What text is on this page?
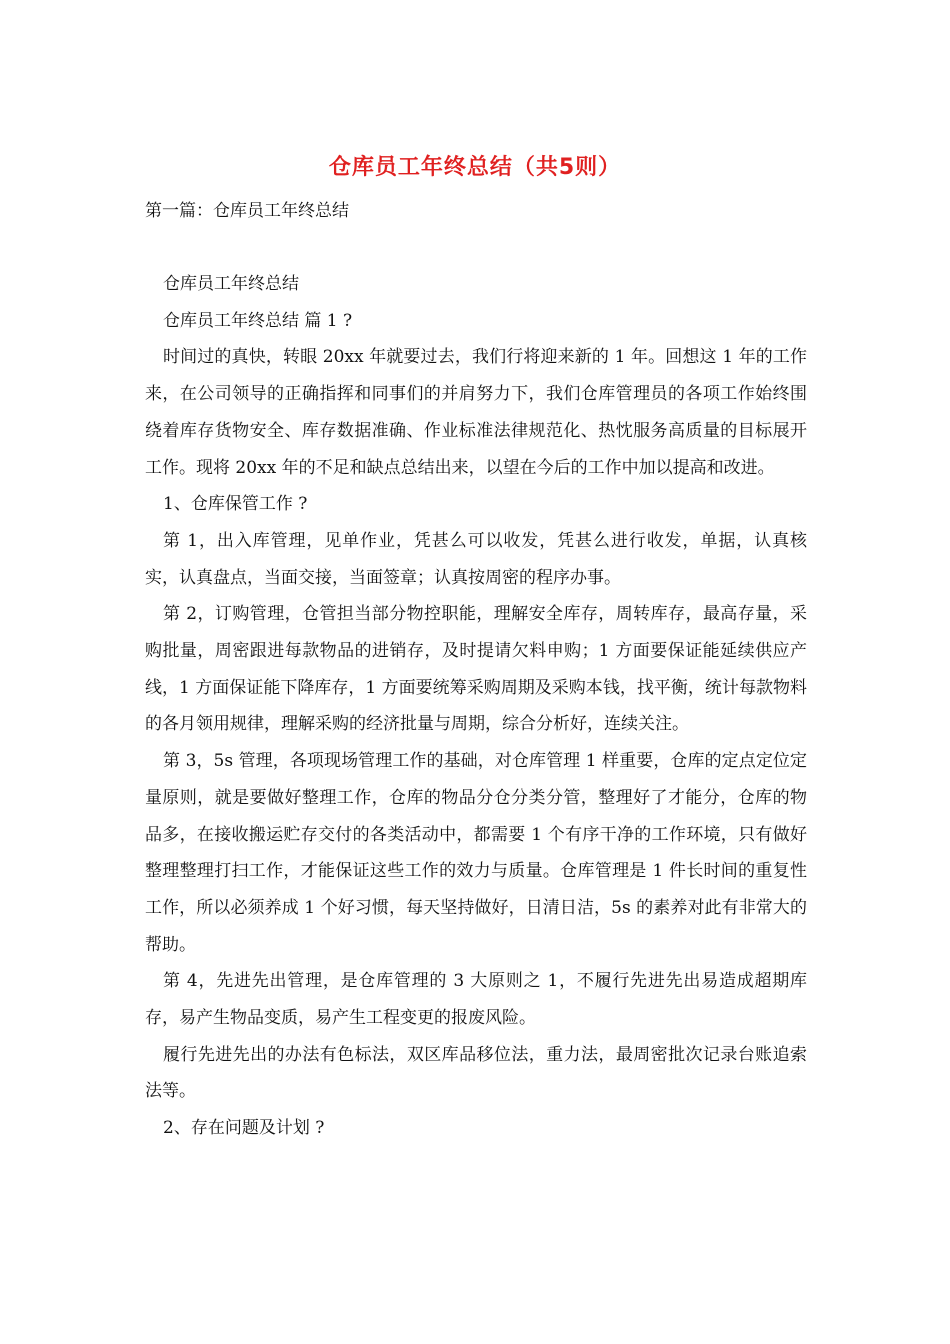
仓库员工年终总结（共5则）
第一篇：仓库员工年终总结

仓库员工年终总结

仓库员工年终总结 篇 1 ?

时间过的真快，转眼 20xx 年就要过去，我们行将迎来新的 1 年。回想这 1 年的工作来，在公司领导的正确指挥和同事们的并肩努力下，我们仓库管理员的各项工作始终围绕着库存货物安全、库存数据准确、作业标准法律规范化、热忱服务高质量的目标展开工作。现将 20xx 年的不足和缺点总结出来，以望在今后的工作中加以提高和改进。

1、仓库保管工作 ?

第 1，出入库管理，见单作业，凭甚么可以收发，凭甚么进行收发，单据，认真核实，认真盘点，当面交接，当面签章；认真按周密的程序办事。

第 2，订购管理，仓管担当部分物控职能，理解安全库存，周转库存，最高存量，采购批量，周密跟进每款物品的进销存，及时提请欠料申购；1 方面要保证能延续供应产线，1 方面保证能下降库存，1 方面要统筹采购周期及采购本钱，找平衡，统计每款物料的各月领用规律，理解采购的经济批量与周期，综合分析好，连续关注。

第 3，5s 管理，各项现场管理工作的基础，对仓库管理 1 样重要，仓库的定点定位定量原则，就是要做好整理工作，仓库的物品分仓分类分管，整理好了才能分，仓库的物品多，在接收搬运贮存交付的各类活动中，都需要 1 个有序干净的工作环境，只有做好整理整理打扫工作，才能保证这些工作的效力与质量。仓库管理是 1 件长时间的重复性工作，所以必须养成 1 个好习惯，每天坚持做好，日清日洁，5s 的素养对此有非常大的帮助。

第 4，先进先出管理，是仓库管理的 3 大原则之 1，不履行先进先出易造成超期库存，易产生物品变质，易产生工程变更的报废风险。

履行先进先出的办法有色标法，双区库品移位法，重力法，最周密批次记录台账追索法等。

2、存在问题及计划 ?
